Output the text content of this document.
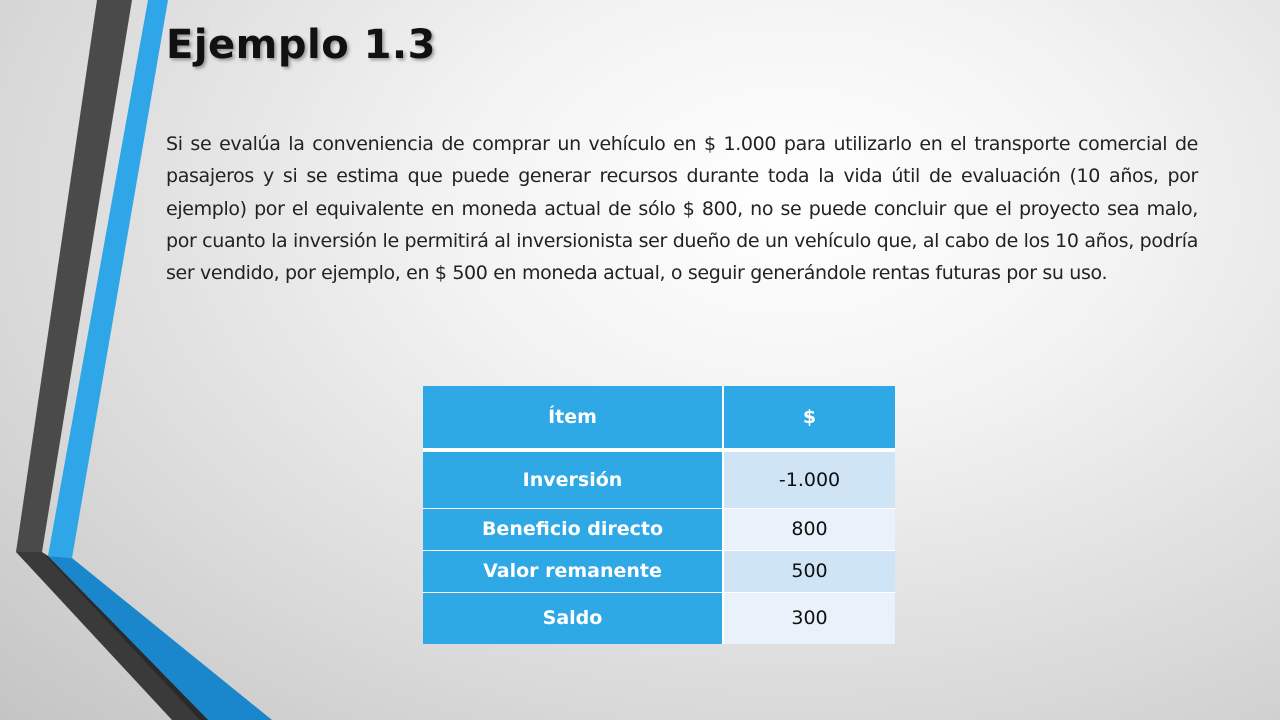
Ejemplo 1.3

Si se evalúa la conveniencia de comprar un vehículo en $ 1.000 para utilizarlo en el transporte comercial de pasajeros y si se estima que puede generar recursos durante toda la vida útil de evaluación (10 años, por ejemplo) por el equivalente en moneda actual de sólo $ 800, no se puede concluir que el proyecto sea malo, por cuanto la inversión le permitirá al inversionista ser dueño de un vehículo que, al cabo de los 10 años, podría ser vendido, por ejemplo, en $ 500 en moneda actual, o seguir generándole rentas futuras por su uso.

Ítem	$
Inversión	-1.000
Beneficio directo	800
Valor remanente	500
Saldo	300
